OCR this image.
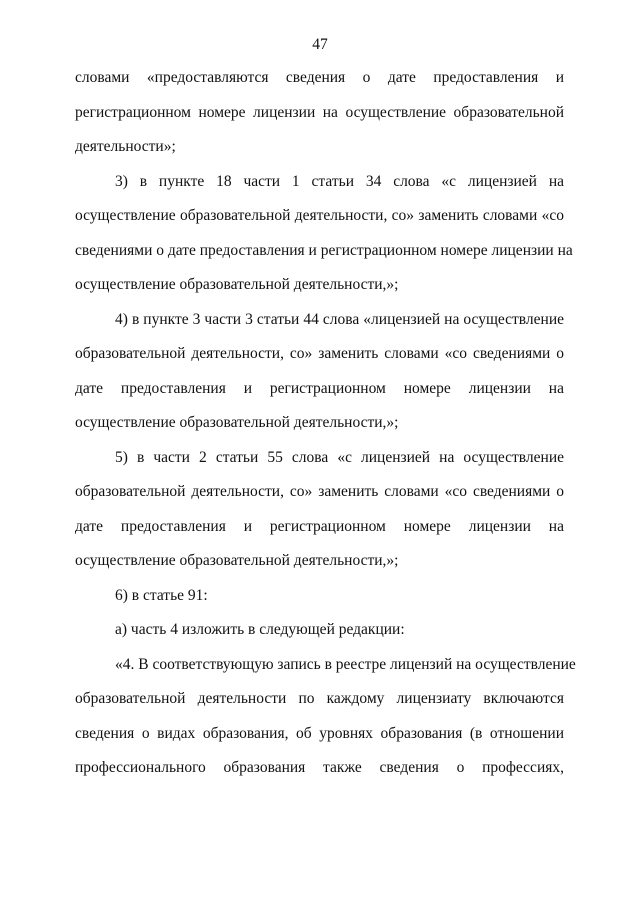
47
словами «предоставляются сведения о дате предоставления и
регистрационном номере лицензии на осуществление образовательной
деятельности»;
3) в пункте 18 части 1 статьи 34 слова «с лицензией на
осуществление образовательной деятельности, со» заменить словами «со
сведениями о дате предоставления и регистрационном номере лицензии на
осуществление образовательной деятельности,»;
4) в пункте 3 части 3 статьи 44 слова «лицензией на осуществление
образовательной деятельности, со» заменить словами «со сведениями о
дате предоставления и регистрационном номере лицензии на
осуществление образовательной деятельности,»;
5) в части 2 статьи 55 слова «с лицензией на осуществление
образовательной деятельности, со» заменить словами «со сведениями о
дате предоставления и регистрационном номере лицензии на
осуществление образовательной деятельности,»;
6) в статье 91:
а) часть 4 изложить в следующей редакции:
«4. В соответствующую запись в реестре лицензий на осуществление
образовательной деятельности по каждому лицензиату включаются
сведения о видах образования, об уровнях образования (в отношении
профессионального образования также сведения о профессиях,
